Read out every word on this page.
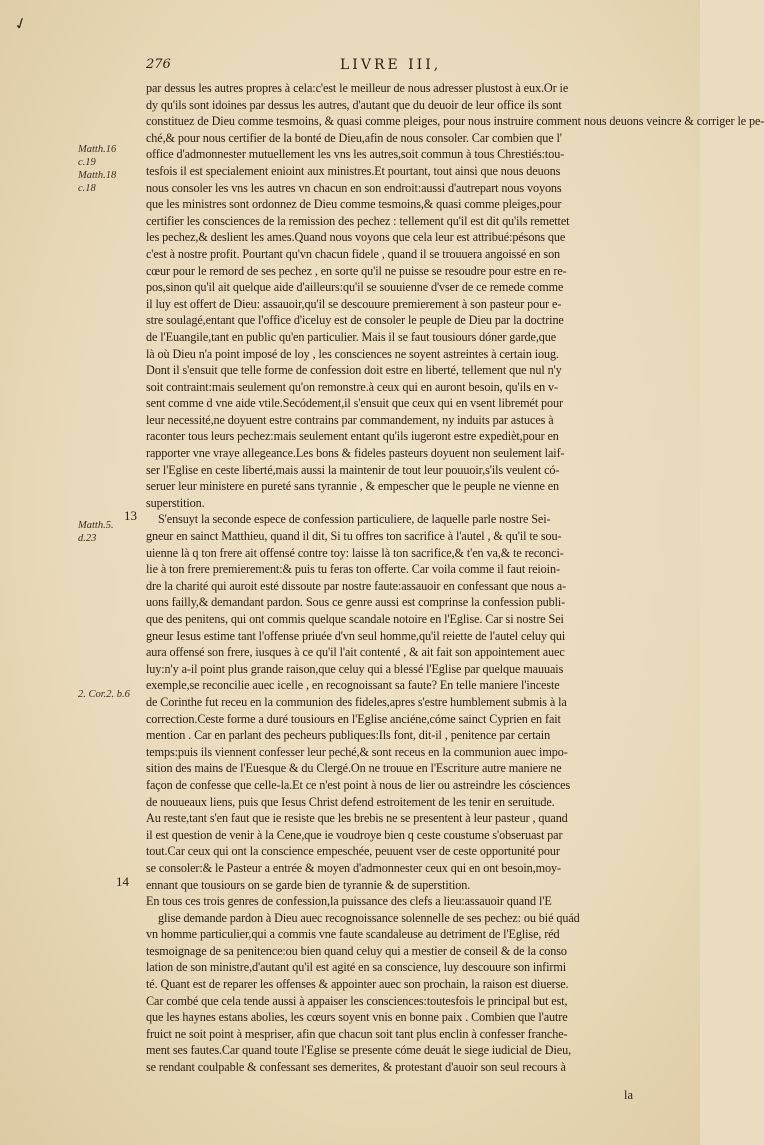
✓
276	LIVRE III,
Matth.16 c.19
Matth.18 c.18
Matth.5. d.23
2. Cor.2. b.6
13
14
par dessus les autres propres à cela:c'est le meilleur de nous adresser plustost à eux.Or ie
dy qu'ils sont idoines par dessus les autres, d'autant que du deuoir de leur office ils sont
constituez de Dieu comme tesmoins, & quasi comme pleiges, pour nous instruire comment nous deuons veincre & corriger le pe-
ché,& pour nous certifier de la bonté de Dieu,afin de nous consoler. Car combien que l'
office d'admonnester mutuellement les vns les autres,soit commun à tous Chrestiés:tou-
tesfois il est specialement enioint aux ministres.Et pourtant, tout ainsi que nous deuons
nous consoler les vns les autres vn chacun en son endroit:aussi d'autrepart nous voyons
que les ministres sont ordonnez de Dieu comme tesmoins,& quasi comme pleiges,pour
certifier les consciences de la remission des pechez : tellement qu'il est dit qu'ils remettet
les pechez,& deslient les ames.Quand nous voyons que cela leur est attribué:pésons que
c'est à nostre profit. Pourtant qu'vn chacun fidele , quand il se trouuera angoissé en son
cœur pour le remord de ses pechez , en sorte qu'il ne puisse se resoudre pour estre en re-
pos,sinon qu'il ait quelque aide d'ailleurs:qu'il se souuienne d'vser de ce remede comme
il luy est offert de Dieu: assauoir,qu'il se descouure premierement à son pasteur pour e-
stre soulagé,entant que l'office d'iceluy est de consoler le peuple de Dieu par la doctrine
de l'Euangile,tant en public qu'en particulier. Mais il se faut tousiours dóner garde,que
là où Dieu n'a point imposé de loy , les consciences ne soyent astreintes à certain ioug.
Dont il s'ensuit que telle forme de confession doit estre en liberté, tellement que nul n'y
soit contraint:mais seulement qu'on remonstre.à ceux qui en auront besoin, qu'ils en v-
sent comme d vne aide vtile.Secódement,il s'ensuit que ceux qui en vsent libremét pour
leur necessité,ne doyuent estre contrains par commandement, ny induits par astuces à
raconter tous leurs pechez:mais seulement entant qu'ils iugeront estre expedièt,pour en
rapporter vne vraye allegeance.Les bons & fideles pasteurs doyuent non seulement laif-
ser l'Eglise en ceste liberté,mais aussi la maintenir de tout leur pouuoir,s'ils veulent có-
seruer leur ministere en pureté sans tyrannie , & empescher que le peuple ne vienne en
superstition.
S'ensuyt la seconde espece de confession particuliere, de laquelle parle nostre Sei-
gneur en sainct Matthieu, quand il dit, Si tu offres ton sacrifice à l'autel , & qu'il te sou-
uienne là q ton frere ait offensé contre toy: laisse là ton sacrifice,& t'en va,& te reconci-
lie à ton frere premierement:& puis tu feras ton offerte. Car voila comme il faut reioin-
dre la charité qui auroit esté dissoute par nostre faute:assauoir en confessant que nous a-
uons failly,& demandant pardon. Sous ce genre aussi est comprinse la confession publi-
que des penitens, qui ont commis quelque scandale notoire en l'Eglise. Car si nostre Sei
gneur Iesus estime tant l'offense priuée d'vn seul homme,qu'il reiette de l'autel celuy qui
aura offensé son frere, iusques à ce qu'il l'ait contenté , & ait fait son appointement auec
luy:n'y a-il point plus grande raison,que celuy qui a blessé l'Eglise par quelque mauuais
exemple,se reconcilie auec icelle , en recognoissant sa faute? En telle maniere l'inceste
de Corinthe fut receu en la communion des fideles,apres s'estre humblement submis à la
correction.Ceste forme a duré tousiours en l'Eglise anciéne,cóme sainct Cyprien en fait
mention . Car en parlant des pecheurs publiques:Ils font, dit-il , penitence par certain
temps:puis ils viennent confesser leur peché,& sont receus en la communion auec impo-
sition des mains de l'Euesque & du Clergé.On ne trouue en l'Escriture autre maniere ne
façon de confesse que celle-la.Et ce n'est point à nous de lier ou astreindre les cósciences
de nouueaux liens, puis que Iesus Christ defend estroitement de les tenir en seruitude.
Au reste,tant s'en faut que ie resiste que les brebis ne se presentent à leur pasteur , quand
il est question de venir à la Cene,que ie voudroye bien q ceste coustume s'obseruast par
tout.Car ceux qui ont la conscience empeschée, peuuent vser de ceste opportunité pour
se consoler:& le Pasteur a entrée & moyen d'admonnester ceux qui en ont besoin,moy-
ennant que tousiours on se garde bien de tyrannie & de superstition.
En tous ces trois genres de confession,la puissance des clefs a lieu:assauoir quand l'E
glise demande pardon à Dieu auec recognoissance solennelle de ses pechez: ou bié quád
vn homme particulier,qui a commis vne faute scandaleuse au detriment de l'Eglise, réd
tesmoignage de sa penitence:ou bien quand celuy qui a mestier de conseil & de la conso
lation de son ministre,d'autant qu'il est agité en sa conscience, luy descouure son infirmi
té. Quant est de reparer les offenses & appointer auec son prochain, la raison est diuerse.
Car combé que cela tende aussi à appaiser les consciences:toutesfois le principal but est,
que les haynes estans abolies, les cœurs soyent vnis en bonne paix . Combien que l'autre
fruict ne soit point à mespriser, afin que chacun soit tant plus enclin à confesser franche-
ment ses fautes.Car quand toute l'Eglise se presente cóme deuát le siege iudicial de Dieu,
se rendant coulpable & confessant ses demerites, & protestant d'auoir son seul recours à
la
